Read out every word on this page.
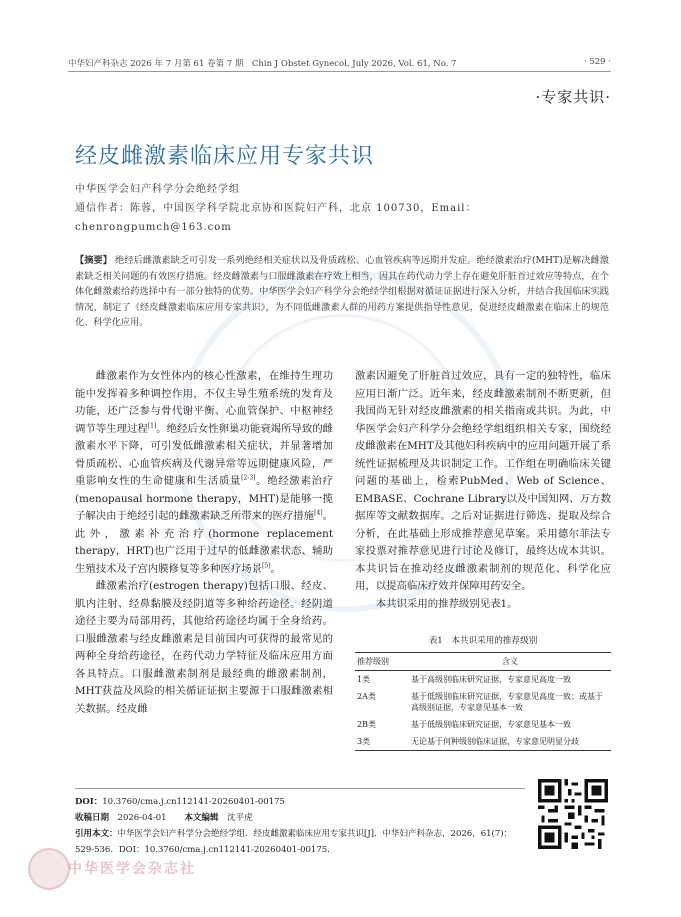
中华妇产科杂志 2026 年 7 月第 61 卷第 7 期　Chin J Obstet Gynecol, July 2026, Vol. 61, No. 7	· 529 ·
·专家共识·
经皮雌激素临床应用专家共识
中华医学会妇产科学分会绝经学组
通信作者：陈蓉，中国医学科学院北京协和医院妇产科，北京 100730，Email：
chenrongpumch@163.com

【摘要】 绝经后雌激素缺乏可引发一系列绝经相关症状以及骨质疏松、心血管疾病等远期并发症。绝经激素治疗(MHT)是解决雌激素缺乏相关问题的有效医疗措施。经皮雌激素与口服雌激素在疗效上相当，因其在药代动力学上存在避免肝脏首过效应等特点，在个体化雌激素给药选择中有一部分独特的优势。中华医学会妇产科学分会绝经学组根据对循证证据进行深入分析，并结合我国临床实践情况，制定了《经皮雌激素临床应用专家共识》，为不同低雌激素人群的用药方案提供指导性意见，促进经皮雌激素在临床上的规范化、科学化应用。

雌激素作为女性体内的核心性激素，在维持生理功能中发挥着多种调控作用，不仅主导生殖系统的发育及功能，还广泛参与骨代谢平衡、心血管保护、中枢神经调节等生理过程[1]。绝经后女性卵巢功能衰竭所导致的雌激素水平下降，可引发低雌激素相关症状，并显著增加骨质疏松、心血管疾病及代谢异常等远期健康风险，严重影响女性的生命健康和生活质量[2-3]。绝经激素治疗(menopausal hormone therapy，MHT)是能够一揽子解决由于绝经引起的雌激素缺乏所带来的医疗措施[4]。此外，激素补充治疗(hormone replacement therapy，HRT)也广泛用于过早的低雌激素状态、辅助生殖技术及子宫内膜修复等多种医疗场景[5]。

雌激素治疗(estrogen therapy)包括口服、经皮、肌内注射、经鼻黏膜及经阴道等多种给药途径。经阴道途径主要为局部用药，其他给药途径均属于全身给药。口服雌激素与经皮雌激素是目前国内可获得的最常见的两种全身给药途径，在药代动力学特征及临床应用方面各具特点。口服雌激素制剂是最经典的雌激素制剂，MHT获益及风险的相关循证证据主要源于口服雌激素相关数据。经皮雌

激素因避免了肝脏首过效应，具有一定的独特性，临床应用日渐广泛。近年来，经皮雌激素制剂不断更新，但我国尚无针对经皮雌激素的相关指南或共识。为此，中华医学会妇产科学分会绝经学组组织相关专家，围绕经皮雌激素在MHT及其他妇科疾病中的应用问题开展了系统性证据梳理及共识制定工作。工作组在明确临床关键问题的基础上，检索PubMed、Web of Science、EMBASE、Cochrane Library以及中国知网、万方数据库等文献数据库。之后对证据进行筛选、提取及综合分析，在此基础上形成推荐意见草案。采用德尔菲法专家投票对推荐意见进行讨论及修订，最终达成本共识。本共识旨在推动经皮雌激素制剂的规范化、科学化应用，以提高临床疗效并保障用药安全。

本共识采用的推荐级别见表1。

表1　本共识采用的推荐级别
推荐级别	含义
1类	基于高级别临床研究证据，专家意见高度一致
2A类	基于低级别临床研究证据，专家意见高度一致；或基于高级别证据，专家意见基本一致
2B类	基于低级别临床研究证据，专家意见基本一致
3类	无论基于何种级别临床证据，专家意见明显分歧
DOI：10.3760/cma.j.cn112141-20260401-00175
收稿日期　 2026-04-01 本文编辑　 沈平虎
引用本文：中华医学会妇产科学分会绝经学组．经皮雌激素临床应用专家共识[J]．中华妇产科杂志，2026，61(7)：529-536．DOI：10.3760/cma.j.cn112141-20260401-00175．
中华医学会杂志社
